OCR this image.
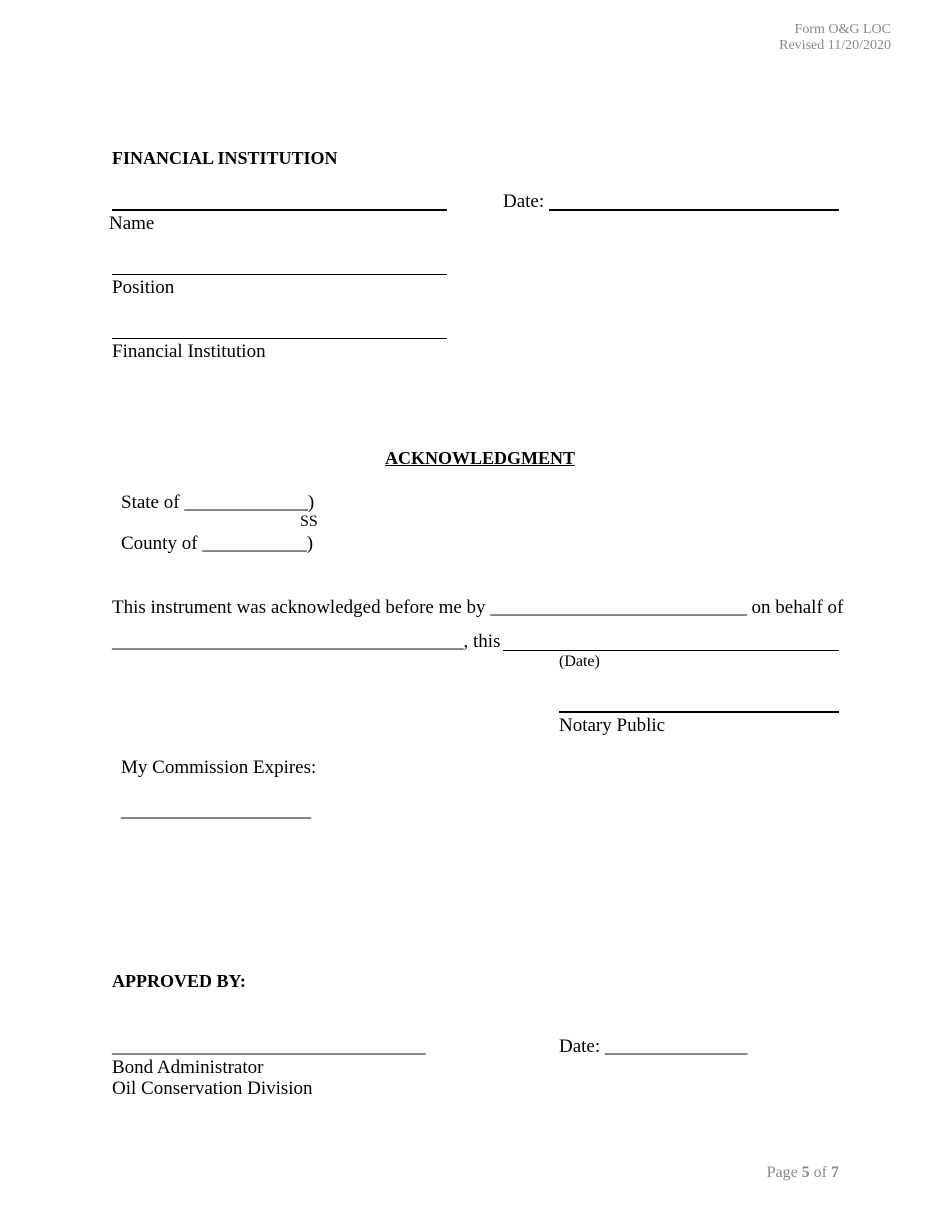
Form O&G LOC
Revised 11/20/2020
FINANCIAL INSTITUTION
Date:
Name
Position
Financial Institution
ACKNOWLEDGMENT
State of _____________)
SS
County of ___________)
This instrument was acknowledged before me by ___________________________ on behalf of
_____________________________________, this
(Date)
Notary Public
My Commission Expires:
____________________
APPROVED BY:
_________________________________	Date: _______________
Bond Administrator
Oil Conservation Division
Page 5 of 7
